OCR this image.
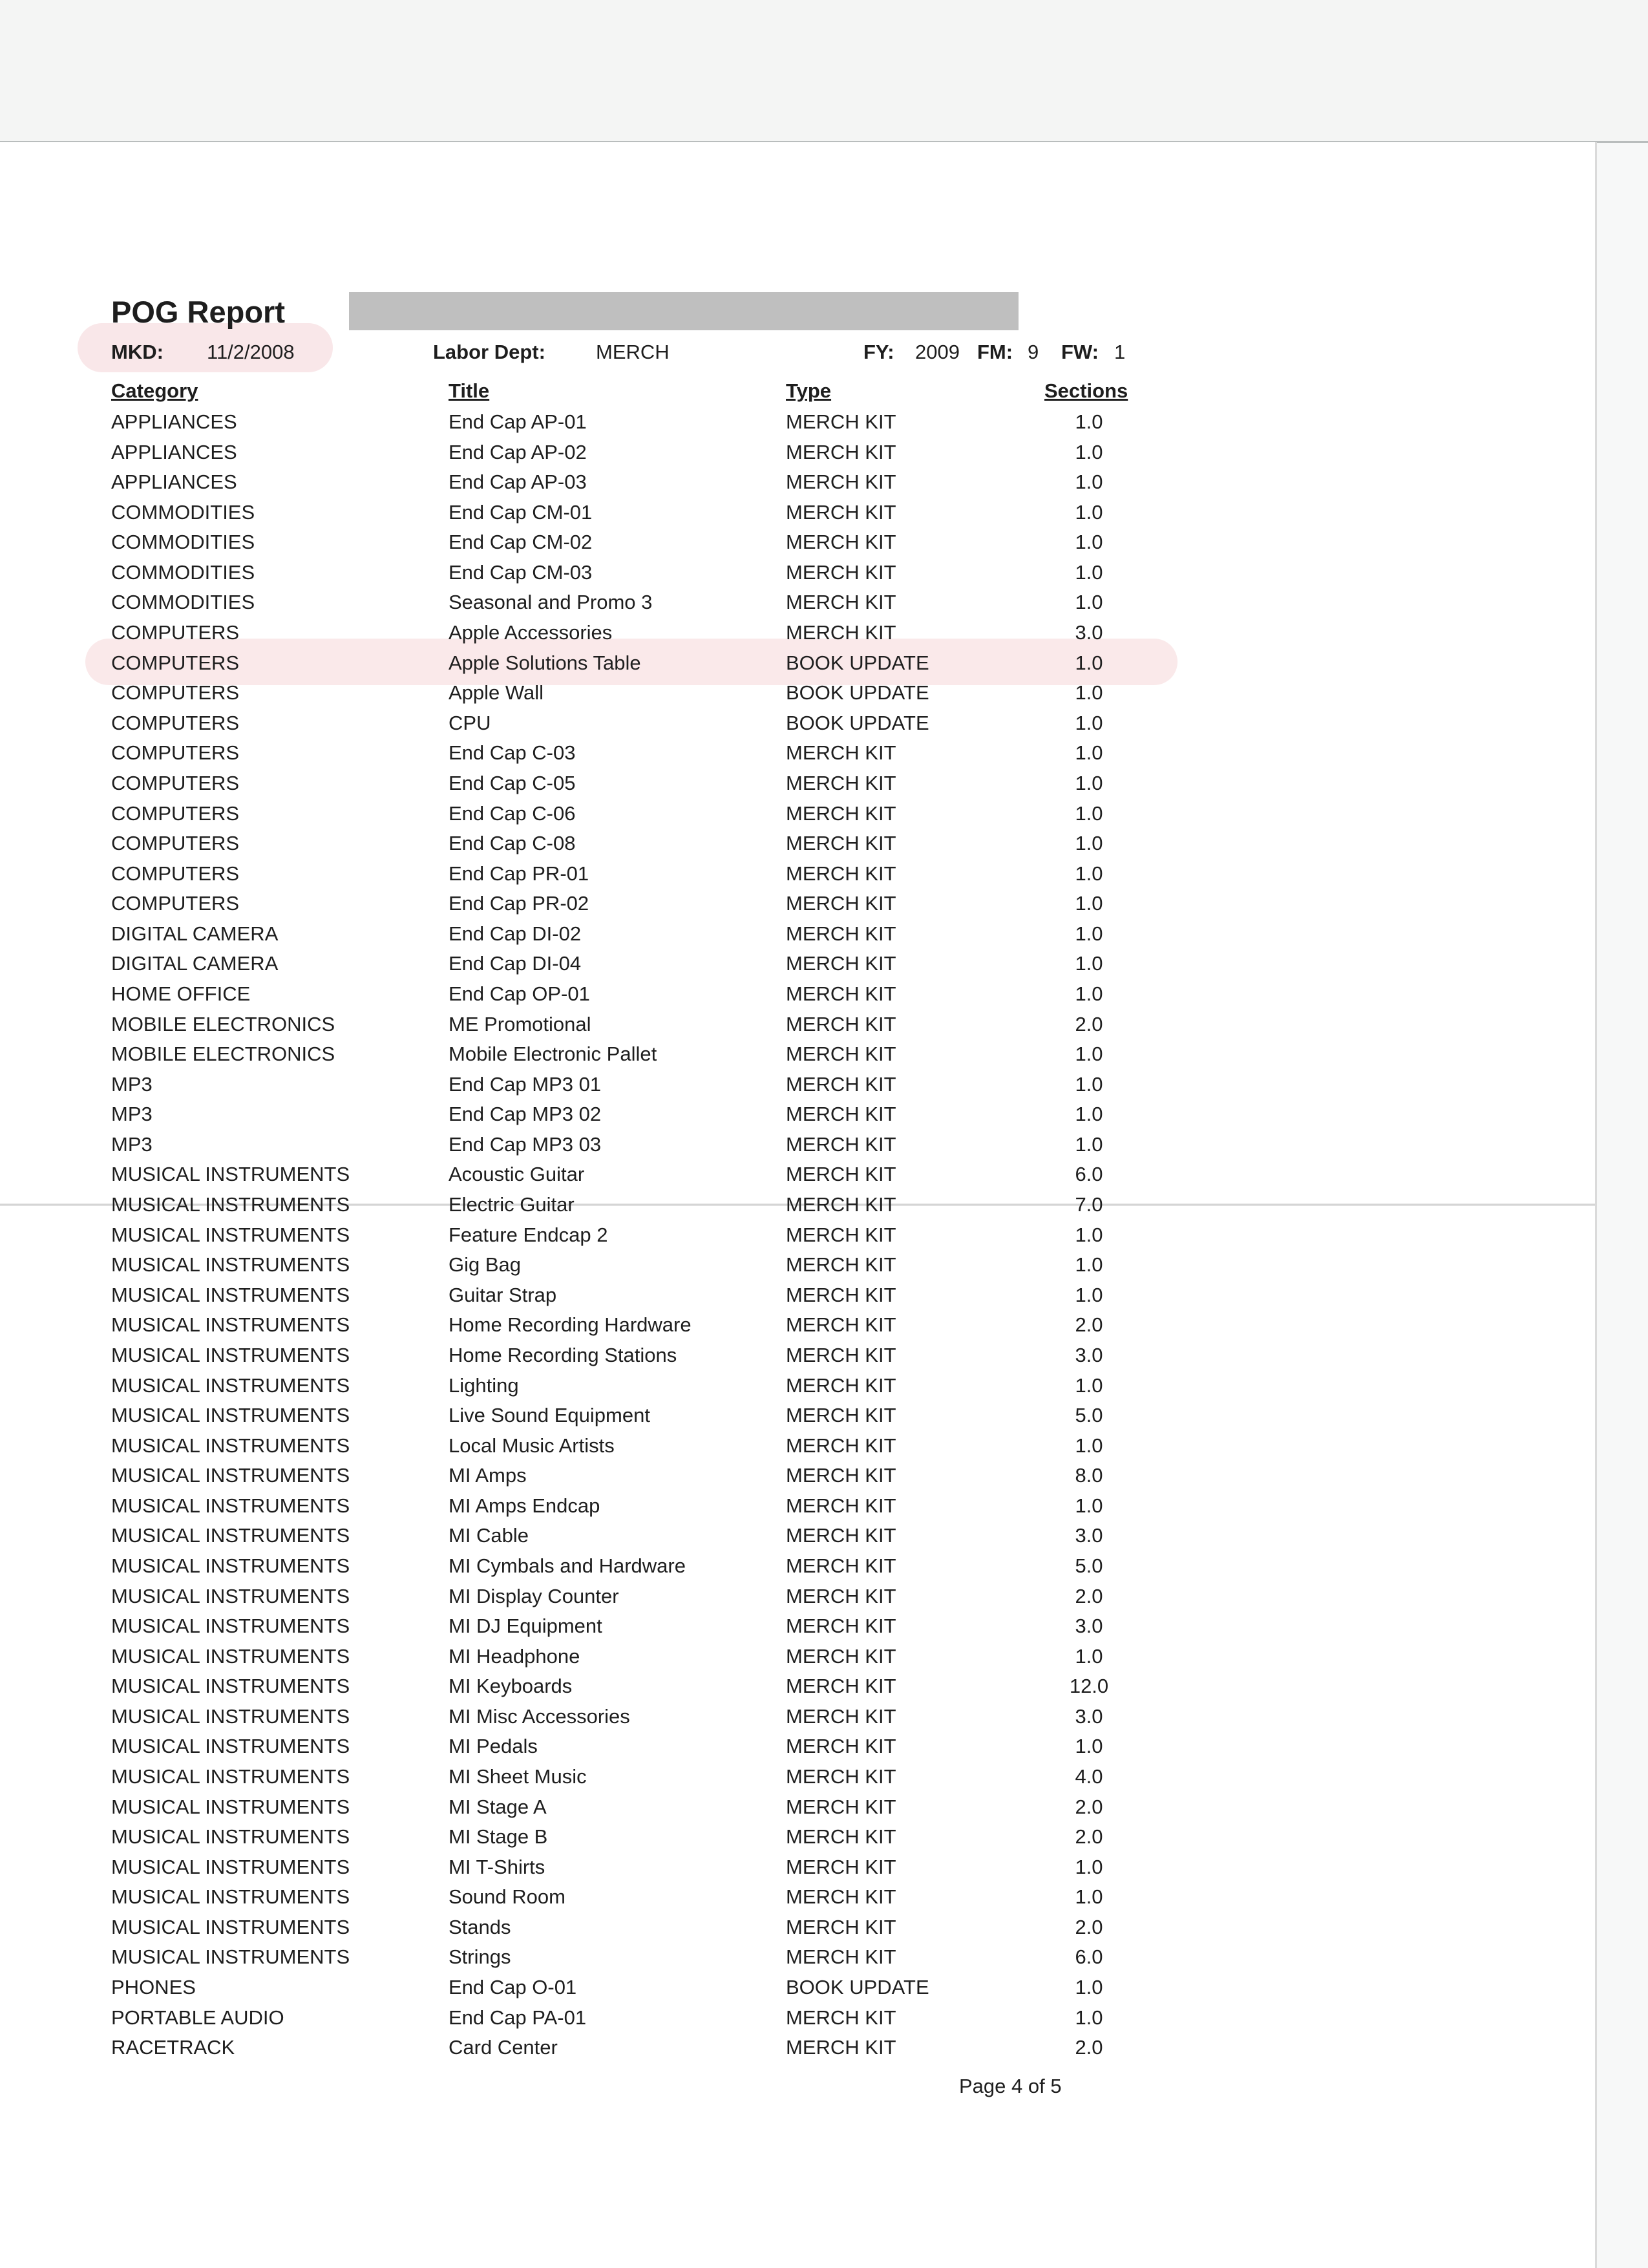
POG Report
MKD: 11/2/2008	Labor Dept:	MERCH	FY: 2009 FM: 9 FW: 1
Category	Title	Type	Sections
APPLIANCES	End Cap AP-01	MERCH KIT	1.0
APPLIANCES	End Cap AP-02	MERCH KIT	1.0
APPLIANCES	End Cap AP-03	MERCH KIT	1.0
COMMODITIES	End Cap CM-01	MERCH KIT	1.0
COMMODITIES	End Cap CM-02	MERCH KIT	1.0
COMMODITIES	End Cap CM-03	MERCH KIT	1.0
COMMODITIES	Seasonal and Promo 3	MERCH KIT	1.0
COMPUTERS	Apple Accessories	MERCH KIT	3.0
COMPUTERS	Apple Solutions Table	BOOK UPDATE	1.0
COMPUTERS	Apple Wall	BOOK UPDATE	1.0
COMPUTERS	CPU	BOOK UPDATE	1.0
COMPUTERS	End Cap C-03	MERCH KIT	1.0
COMPUTERS	End Cap C-05	MERCH KIT	1.0
COMPUTERS	End Cap C-06	MERCH KIT	1.0
COMPUTERS	End Cap C-08	MERCH KIT	1.0
COMPUTERS	End Cap PR-01	MERCH KIT	1.0
COMPUTERS	End Cap PR-02	MERCH KIT	1.0
DIGITAL CAMERA	End Cap DI-02	MERCH KIT	1.0
DIGITAL CAMERA	End Cap DI-04	MERCH KIT	1.0
HOME OFFICE	End Cap OP-01	MERCH KIT	1.0
MOBILE ELECTRONICS	ME Promotional	MERCH KIT	2.0
MOBILE ELECTRONICS	Mobile Electronic Pallet	MERCH KIT	1.0
MP3	End Cap MP3 01	MERCH KIT	1.0
MP3	End Cap MP3 02	MERCH KIT	1.0
MP3	End Cap MP3 03	MERCH KIT	1.0
MUSICAL INSTRUMENTS	Acoustic Guitar	MERCH KIT	6.0
MUSICAL INSTRUMENTS	Electric Guitar	MERCH KIT	7.0
MUSICAL INSTRUMENTS	Feature Endcap 2	MERCH KIT	1.0
MUSICAL INSTRUMENTS	Gig Bag	MERCH KIT	1.0
MUSICAL INSTRUMENTS	Guitar Strap	MERCH KIT	1.0
MUSICAL INSTRUMENTS	Home Recording Hardware	MERCH KIT	2.0
MUSICAL INSTRUMENTS	Home Recording Stations	MERCH KIT	3.0
MUSICAL INSTRUMENTS	Lighting	MERCH KIT	1.0
MUSICAL INSTRUMENTS	Live Sound Equipment	MERCH KIT	5.0
MUSICAL INSTRUMENTS	Local Music Artists	MERCH KIT	1.0
MUSICAL INSTRUMENTS	MI Amps	MERCH KIT	8.0
MUSICAL INSTRUMENTS	MI Amps Endcap	MERCH KIT	1.0
MUSICAL INSTRUMENTS	MI Cable	MERCH KIT	3.0
MUSICAL INSTRUMENTS	MI Cymbals and Hardware	MERCH KIT	5.0
MUSICAL INSTRUMENTS	MI Display Counter	MERCH KIT	2.0
MUSICAL INSTRUMENTS	MI DJ Equipment	MERCH KIT	3.0
MUSICAL INSTRUMENTS	MI Headphone	MERCH KIT	1.0
MUSICAL INSTRUMENTS	MI Keyboards	MERCH KIT	12.0
MUSICAL INSTRUMENTS	MI Misc Accessories	MERCH KIT	3.0
MUSICAL INSTRUMENTS	MI Pedals	MERCH KIT	1.0
MUSICAL INSTRUMENTS	MI Sheet Music	MERCH KIT	4.0
MUSICAL INSTRUMENTS	MI Stage A	MERCH KIT	2.0
MUSICAL INSTRUMENTS	MI Stage B	MERCH KIT	2.0
MUSICAL INSTRUMENTS	MI T-Shirts	MERCH KIT	1.0
MUSICAL INSTRUMENTS	Sound Room	MERCH KIT	1.0
MUSICAL INSTRUMENTS	Stands	MERCH KIT	2.0
MUSICAL INSTRUMENTS	Strings	MERCH KIT	6.0
PHONES	End Cap O-01	BOOK UPDATE	1.0
PORTABLE AUDIO	End Cap PA-01	MERCH KIT	1.0
RACETRACK	Card Center	MERCH KIT	2.0
Page 4 of 5
